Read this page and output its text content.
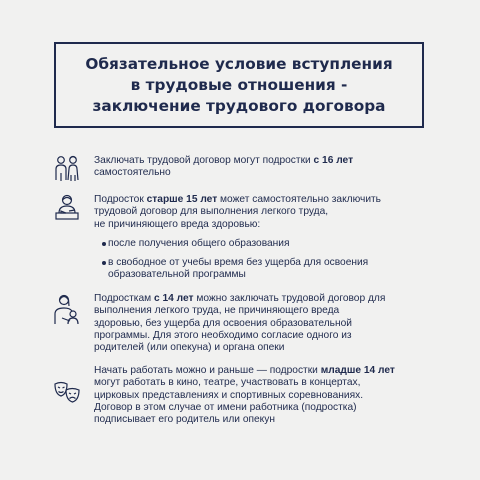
Обязательное условие вступления
в трудовые отношения -
заключение трудового договора
Заключать трудовой договор могут подростки с 16 лет
самостоятельно
Подросток старше 15 лет может самостоятельно заключить
трудовой договор для выполнения легкого труда,
не причиняющего вреда здоровью:
после получения общего образования
в свободное от учебы время без ущерба для освоения
образовательной программы
Подросткам с 14 лет можно заключать трудовой договор для
выполнения легкого труда, не причиняющего вреда
здоровью, без ущерба для освоения образовательной
программы. Для этого необходимо согласие одного из
родителей (или опекуна) и органа опеки
Начать работать можно и раньше — подростки младше 14 лет
могут работать в кино, театре, участвовать в концертах,
цирковых представлениях и спортивных соревнованиях.
Договор в этом случае от имени работника (подростка)
подписывает его родитель или опекун
